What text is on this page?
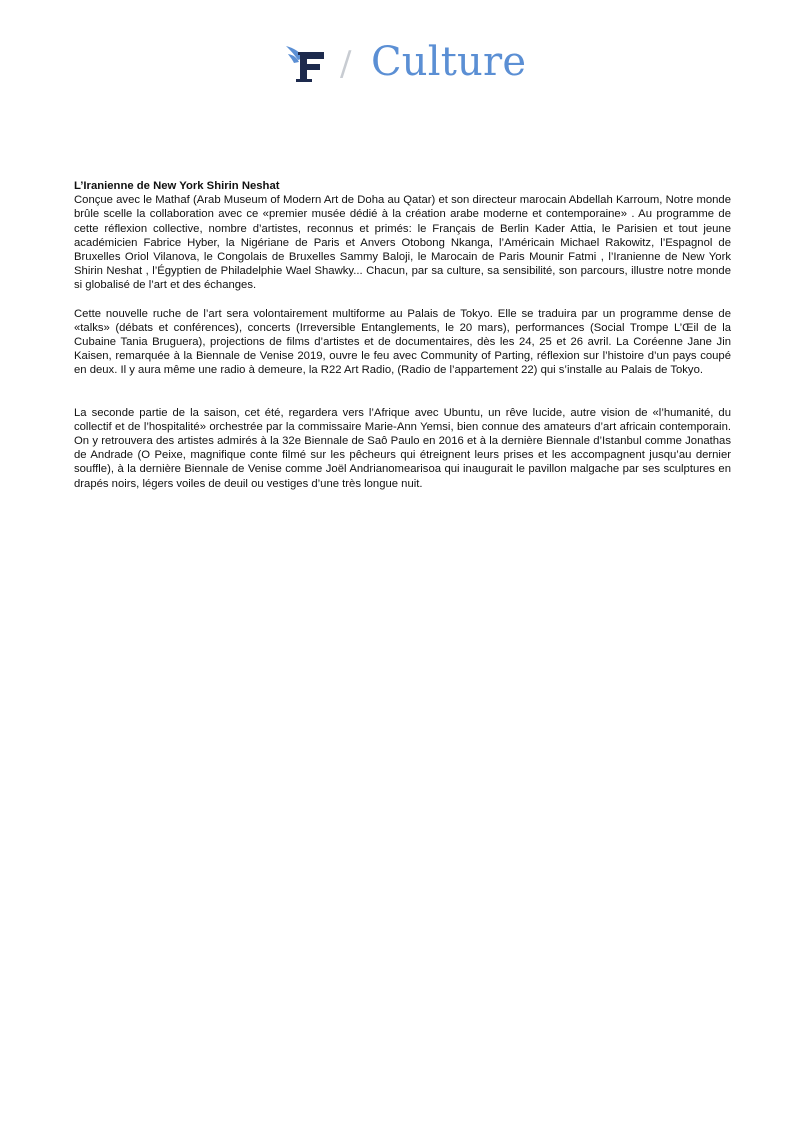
/ Culture
L’Iranienne de New York Shirin Neshat

Conçue avec le Mathaf (Arab Museum of Modern Art de Doha au Qatar) et son directeur marocain Abdellah Karroum, Notre monde brûle scelle la collaboration avec ce «premier musée dédié à la création arabe moderne et contemporaine» . Au programme de cette réflexion collective, nombre d’artistes, reconnus et primés: le Français de Berlin Kader Attia, le Parisien et tout jeune académicien Fabrice Hyber, la Nigériane de Paris et Anvers Otobong Nkanga, l’Américain Michael Rakowitz, l’Espagnol de Bruxelles Oriol Vilanova, le Congolais de Bruxelles Sammy Baloji, le Marocain de Paris Mounir Fatmi , l’Iranienne de New York Shirin Neshat , l’Égyptien de Philadelphie Wael Shawky... Chacun, par sa culture, sa sensibilité, son parcours, illustre notre monde si globalisé de l’art et des échanges.

Cette nouvelle ruche de l’art sera volontairement multiforme au Palais de Tokyo. Elle se traduira par un programme dense de «talks» (débats et conférences), concerts (Irreversible Entanglements, le 20 mars), performances (Social Trompe L’Œil de la Cubaine Tania Bruguera), projections de films d’artistes et de documentaires, dès les 24, 25 et 26 avril. La Coréenne Jane Jin Kaisen, remarquée à la Biennale de Venise 2019, ouvre le feu avec Community of Parting, réflexion sur l’histoire d’un pays coupé en deux. Il y aura même une radio à demeure, la R22 Art Radio, (Radio de l’appartement 22) qui s’installe au Palais de Tokyo.

La seconde partie de la saison, cet été, regardera vers l’Afrique avec Ubuntu, un rêve lucide, autre vision de «l’humanité, du collectif et de l’hospitalité» orchestrée par la commissaire Marie-Ann Yemsi, bien connue des amateurs d’art africain contemporain. On y retrouvera des artistes admirés à la 32e Biennale de Saô Paulo en 2016 et à la dernière Biennale d’Istanbul comme Jonathas de Andrade (O Peixe, magnifique conte filmé sur les pêcheurs qui étreignent leurs prises et les accompagnent jusqu’au dernier souffle), à la dernière Biennale de Venise comme Joël Andrianomearisoa qui inaugurait le pavillon malgache par ses sculptures en drapés noirs, légers voiles de deuil ou vestiges d’une très longue nuit.
